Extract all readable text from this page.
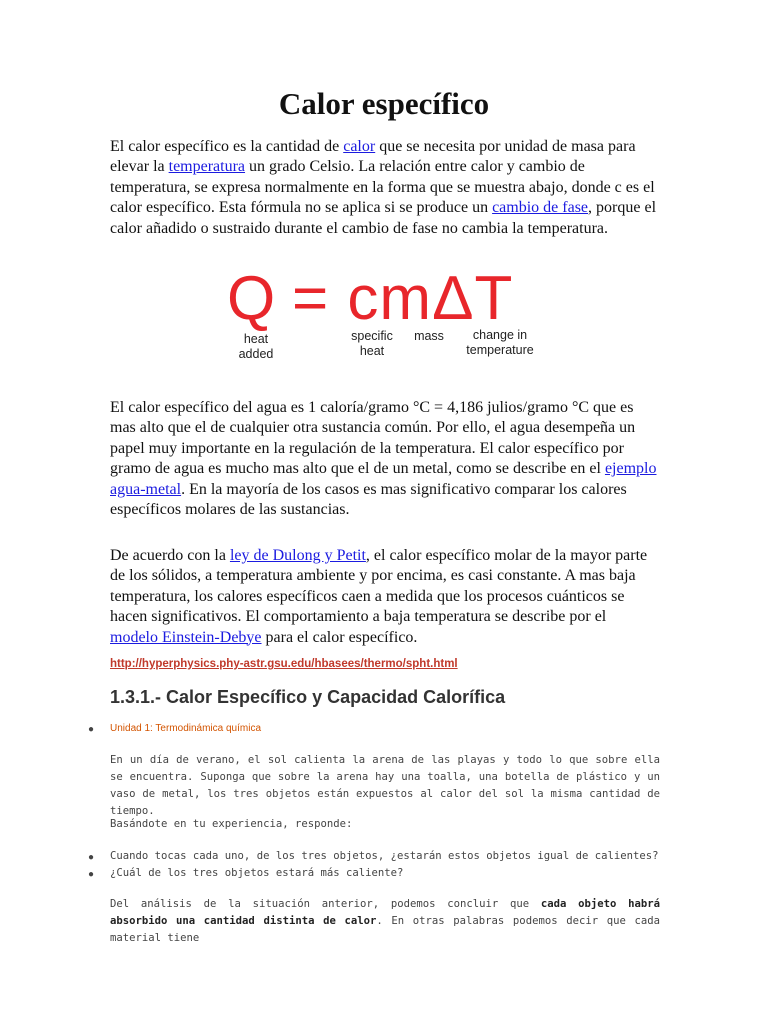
Calor específico

El calor específico es la cantidad de calor que se necesita por unidad de masa para elevar la temperatura un grado Celsio. La relación entre calor y cambio de temperatura, se expresa normalmente en la forma que se muestra abajo, donde c es el calor específico. Esta fórmula no se aplica si se produce un cambio de fase, porque el calor añadido o sustraido durante el cambio de fase no cambia la temperatura.

Q = cmΔT
heat
added
specific
heat
mass	change in
temperature

El calor específico del agua es 1 caloría/gramo °C = 4,186 julios/gramo °C que es mas alto que el de cualquier otra sustancia común. Por ello, el agua desempeña un papel muy importante en la regulación de la temperatura. El calor específico por gramo de agua es mucho mas alto que el de un metal, como se describe en el ejemplo agua-metal. En la mayoría de los casos es mas significativo comparar los calores específicos molares de las sustancias.

De acuerdo con la ley de Dulong y Petit, el calor específico molar de la mayor parte de los sólidos, a temperatura ambiente y por encima, es casi constante. A mas baja temperatura, los calores específicos caen a medida que los procesos cuánticos se hacen significativos. El comportamiento a baja temperatura se describe por el modelo Einstein-Debye para el calor específico.

http://hyperphysics.phy-astr.gsu.edu/hbasees/thermo/spht.html
1.3.1.- Calor Específico y Capacidad Calorífica
● Unidad 1: Termodinámica química

En un día de verano, el sol calienta la arena de las playas y todo lo que sobre ella se encuentra. Suponga que sobre la arena hay una toalla, una botella de plástico y un vaso de metal, los tres objetos están expuestos al calor del sol la misma cantidad de tiempo.

Basándote en tu experiencia, responde:

● Cuando tocas cada uno, de los tres objetos, ¿estarán estos objetos igual de calientes?

● ¿Cuál de los tres objetos estará más caliente?

Del análisis de la situación anterior, podemos concluir que cada objeto habrá absorbido una cantidad distinta de calor. En otras palabras podemos decir que cada material tiene
